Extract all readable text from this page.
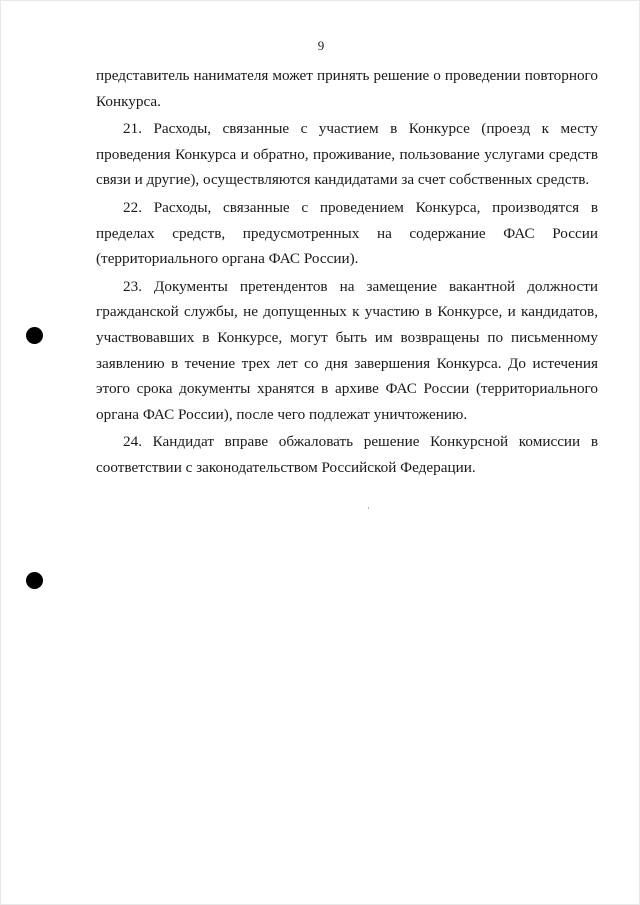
9

представитель нанимателя может принять решение о проведении повторного Конкурса.

21. Расходы, связанные с участием в Конкурсе (проезд к месту проведения Конкурса и обратно, проживание, пользование услугами средств связи и другие), осуществляются кандидатами за счет собственных средств.

22. Расходы, связанные с проведением Конкурса, производятся в пределах средств, предусмотренных на содержание ФАС России (территориального органа ФАС России).

23. Документы претендентов на замещение вакантной должности гражданской службы, не допущенных к участию в Конкурсе, и кандидатов, участвовавших в Конкурсе, могут быть им возвращены по письменному заявлению в течение трех лет со дня завершения Конкурса. До истечения этого срока документы хранятся в архиве ФАС России (территориального органа ФАС России), после чего подлежат уничтожению.

24. Кандидат вправе обжаловать решение Конкурсной комиссии в соответствии с законодательством Российской Федерации.
